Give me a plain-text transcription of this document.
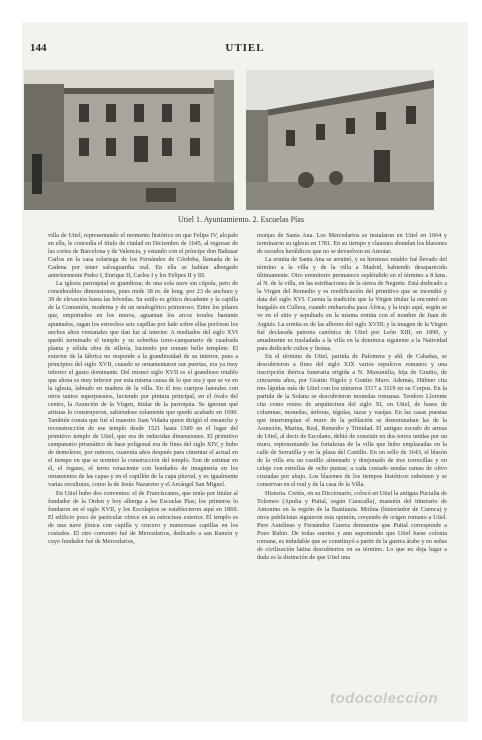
144	UTIEL
Utiel 1. Ayuntamiento. 2. Escuelas Pías

villa de Utiel, representando el momento histórico en que Felipe IV, alojado en ella, le concedía el título de ciudad en Diciembre de 1645, al regresar de las cortes de Barcelona y de Valencia, y estando con el príncipe don Baltasar Carlos en la casa solariega de los Fernández de Córdoba, llamada de la Cadena por tener salvaguardia real. En ella se habían albergado anteriormente Pedro I, Enrique II, Carlos I y los Felipes II y III.

La iglesia parroquial es grandiosa; de una sola nave sin cúpula, pero de considerables dimensiones, pues mide 38 m. de long. por 23 de anchura y 39 de elevación hasta las bóvedas. Su estilo es gótico decadente y la capilla de la Comunión, moderna y de un seudogótico primoroso. Entre los pilares que, empotrados en los muros, aguantan los arcos torales bastante apuntados, ragan los estrechos seis capillas por lado sobre ellas perforan los anchos altos ventanales que dan luz al interior. A mediados del siglo XVI quedó terminado el templo y su soberbia torre-campanario de cuadrada planta y sólida obra de sillería, luciendo por remate bello templete. El exterior de la fábrica no responde a la grandiosidad de su interior, pues a principios del siglo XVII, cuando se ornamentaron sus puertas, era ya muy inferior el gusto dominante. Del mismo siglo XVII es el grandioso retablo que ahora es muy inferior por esta misma causa de lo que era y que se ve en la iglesia, labrado en madera de la villa. En él tres cuerpos laterales con otros tantos superpuestos, luciendo por pintura principal, en el óvalo del centro, la Asunción de la Virgen, titular de la parroquia. Se ignoran qué artistas lo construyeron, sabiéndose solamente que quedó acabado en 1690. También consta que fué el maestro Juan Vidaña quien dirigió el ensanche y reconstrucción de ese templo desde 1521 hasta 1589 en el lugar del primitivo templo de Utiel, que era de reducidas dimensiones. El primitivo campanario prismático de base poligonal era de fines del siglo XIV, y hubo de demolerse, por ruinoso, cuarenta años después para cimentar el actual en el tiempo en que se terminó la construcción del templo. Son de estimar en él, el órgano, el terno renaciente con bordados de imaginería en los ornamentos de las capas y en el capillón de la capa pluvial, y es igualmente varias esculturas, como la de Jesús Nazareno y el Arcángel San Miguel.

En Utiel hubo dos conventos: el de Franciscanos, que tenía por titular al fundador de la Orden y hoy alberga a las Escuelas Pías; los primeros lo fundaron en el siglo XVII, y los Escolapios se establecieron aquí en 1869. El edificio poco de particular ofrece en su estructura exterior. El templo es de una nave jónica con capilla y crucero y numerosas capillas en los costados. El otro convento fué de Mercedarios, dedicado a san Ramón y cuyo fundador fué de Mercedarios,

monjas de Santa Ana. Los Mercedarios se instalaron en Utiel en 1664 y terminaron su iglesia en 1781. En su tiempo y clausura abundan los blasones de escudos heráldicos que no se devuelven en Amotar.

La ermita de Santa Ana se arruinó, y su hermoso retablo fué llevado del término a la villa y de la villa a Madrid, habiendo desaparecido últimamente. Otro eremitorio permanece espléndido en el término a 8 kms. al N. de la villa, en las estribaciones de la sierra de Negrete. Está dedicado a la Virgen del Remedio y es reedificación del primitivo que se incendió y data del siglo XVI. Cuenta la tradición que la Virgen titular la encontró un burgalés en Cullera, cuando embarcaba para África, y la trajo aquí, según se ve en el sitio y sepultado en la misma ermita con el nombre de Juan de Argüés. La ermita es de las albores del siglo XVIII; y la imagen de la Virgen fué declarada patrona canónica de Utiel por León XIII, en 1890, y anualmente es trasladada a la villa en la dominica siguiente a la Natividad para dedicarle cultos y fiestas.

En el término de Utiel, partida de Palomera y ald. de Cabañas, se descubrieron a fines del siglo XIX varios sepulcros romanos y una inscripción ibérica funeraria erigida a N. Maxumilia, hija de Grattio, de cincuenta años, por Grattio Nigelo y Grattio Muro. Además, Hübner cita tres lápidas más de Utiel con los números 3317 a 3319 en su Corpus. En la partida de la Solana se descubrieron monedas romanas. Teodoro Llorente cita como restos de arquitectura del siglo XI, en Utiel, de bases de columnas, monedas, ánforas, tégulas, tazas y vasijas. En las casas puestas que interrumpían el muro de la población se denominaban las de la Asunción, Marina, Real, Remedio y Trinidad. El antiguo escudo de armas de Utiel, al decir de Escolano, debió de consistir en dos torres unidas por un muro, representando las fortalezas de la villa que hubo emplazadas en la calle de Serratilla y en la plaza del Castillo. En un sello de 1643, el blasón de la villa era un castillo almenado y donjonado de tres torrecillas y en celaje con estrellas de ocho puntas; a cada costado sendas ramas de olivo cruzadas por abajo. Los blasones de los tiempos históricos subsisten y se conservan en el real y de la casa de la Villa.

Historia. Cortés, en su Diccionario, colocó en Utiel la antigua Pucialia de Tolomeo (Apulia y Putial, según Caracalla), mansión del itinerario de Antonino en la región de la Bastitania. Molina (historiador de Cuenca) y otros publicistas siguieron esta opinión, creyendo de origen romano a Utiel. Pero Autelinas y Fernández Guerra demuestra que Putial corresponde a Pozo Rubio. De todas suertes y aun suponiendo que Utiel fuese colonia romana, es indudable que se constituyó a partir de la guerra árabe y en señas de civilización latina descubiertos en su término. Lo que no deja lugar a duda es la distinción de que Utiel una

todocoleccion
